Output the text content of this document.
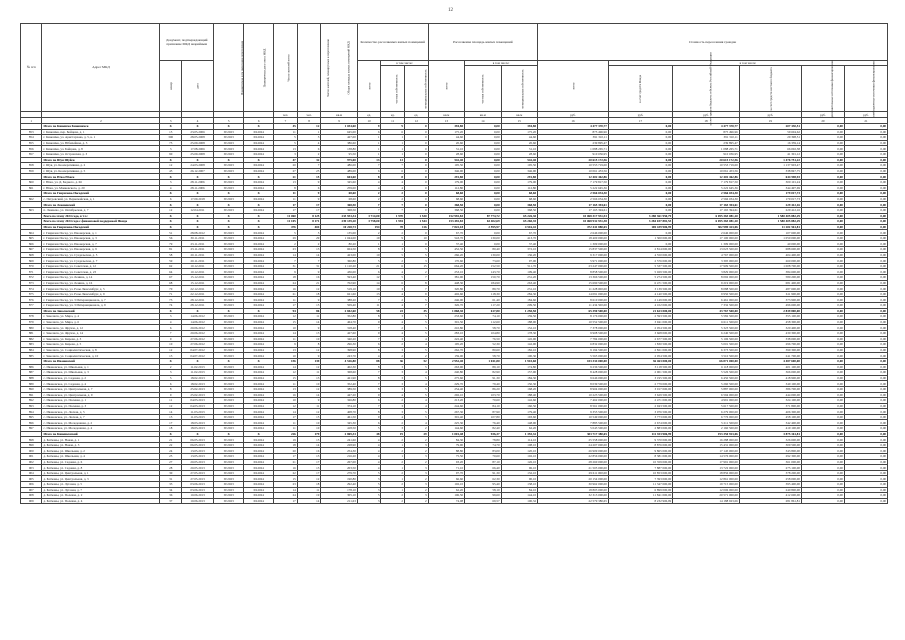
12
№ п/п	Адрес МКД	Документ, подтверждающий признание МКД аварийным		Планируемая дата окончания переселения	Планируемая дата сноса МКД	Число жителей всего	Число жителей, планируемых к переселению	Общая площадь жилых помещений МКД	Количество расселяемых жилых помещений			Расселяемая площадь жилых помещений			Стоимость переселения граждан					
		номер	дата						всего	в том числе:		всего	в том числе:		всего	в том числе:				
										частная собственность	муниципальная собственность		частная собственность	муниципальная собственность		за счет средств Фонда	за счет средств бюджета субъекта Российской Федерации	за счет средств местного бюджета	дополнительные источники финансирования	внебюджетные источники финансирования
						чел.	чел.	кв.м	ед.	ед.	ед.	кв.м	кв.м	кв.м	руб.	руб.	руб.	руб.	руб.	руб.
1	2	3	4	5	6	7	8	9	10	11	12	13	14	15	16	17	18	19	20	21
	Итого по Кинешма Кинешемск	X	X	X	X	45	12	1 034,60	9	9	0	394,80	0,00	394,80	4 477 370,77	0,00	4 477 370,77	207 330,51	0,00	0,00
853	г. Кинешма, пер. Бойцова, д. 1	15	23.05.2006	IV.2023	III.2024	11	1	645,00	6	6	0	175,20	0,00	175,20	875 496,96	0,00	875 496,96	59 604,62	0,00	0,00
854	г. Кинешма, ул. Аристархова, д. 5, к. 1	300	28.05.2008	IV.2023	III.2024	5	3	427,00	1	1	0	44,60	0,00	44,60	391 310,11	0,00	391 310,11	29 398,51	0,00	0,00
855	г. Кинешма, ул. Юбилейная, д. 3	75	25.09.2008	IV.2023	III.2024	5	4	386,60	1	1	0	20,60	0,00	20,60	239 895,47	0,00	239 895,47	16 339,14	0,00	0,00
856	г. Кинешма, ул. Бойцова, д. 8	3	17.08.2006	IV.2023	III.2024	13	6	138,80	1	1	0	31,10	0,00	31,10	1 088 265,71	0,00	1 088 265,71	66 002,38	0,00	0,00
857	г. Кинешма, ул. Островская, д. 3	90	25.09.2008	IV.2023	III.2024	3	2	95,50	1	1	0	28,60	0,00	28,60	910 036,95	0,00	910 036,95	41 301,12	0,00	0,00
	Итого по Шуя Шуйск	X	X	X	X	47	32	975,00	13	13	0	542,40	0,00	542,40	20 615 172,56	0,00	20 615 172,56	1 476 751,22	0,00	0,00
858	г. Шуя, ул. Кооперативная, д. 2	12	24.03.2008	IV.2023	III.2024	20	7	486,00	7	7	0	195,50	0,00	195,50	10 553 719,00	0,00	10 553 719,00	1 137 903,47	0,00	0,00
859	г. Шуя, ул. Кооперативная, д. 5	45	26.12.2007	IV.2023	III.2024	27	25	489,00	6	6	0	346,90	0,00	346,90	10 061 453,56	0,00	10 061 453,56	338 847,75	0,00	0,00
	Итого по Южа Южск	X	X	X	X	21	15	604,60	8	8	0	291,80	0,00	291,80	12 402 462,86	0,00	12 402 462,86	644 598,93	0,00	0,00
860	г. Южа, ул. Д. Бедного, д. 66	3	28.11.2006	IV.2023	III.2024	13	9	345,60	4	4	0	179,00	0,00	179,00	7 179 817,50	0,00	7 179 817,50	300 101,24	0,00	0,00
861	г. Южа, ул. Маяковского, д. 20	4	28.11.2006	IV.2023	III.2024	8	6	259,00	4	4	0	112,80	0,00	112,80	5 222 645,36	0,00	5 222 645,36	344 497,69	0,00	0,00
	Итого по Гаврилово-Посадский	X	X	X	X	11	9	68,60	2	2	0	68,60	0,00	68,60	2 566 034,30	0,00	2 566 034,30	179 017,73	0,00	0,00
862	с. Петровский, ул. Первомайская, д. 1	6	17.09.2018	IV.2023	III.2024	11	9	68,60	2	2	0	68,60	0,00	68,60	2 566 034,30	0,00	2 566 034,30	179 017,73	0,00	0,00
	Итого по Лежневский	X	X	X	X	17	17	368,50	7	7	0	368,50	0,00	368,50	17 165 394,61	0,00	17 165 394,61	229 412,16	0,00	0,00
863	п. Лежнево, ул. Октябрьская, д. 7	12	12.04.2011	IV.2023	III.2024	17	17	368,50	7	7	0	368,50	0,00	368,50	17 165 394,61	0,00	17 165 394,61	229 412,16	0,00	0,00
	Всего по этапу 2024 года, в т.ч.:	X	X	X	X	11 060	8 125	233 933,34	3 714,00	1 970	1 530	152 992,83	87 774,72	65 226,30	10 068 317 931,53	3 280 361 950,79	6 055 365 081,20	1 580 405 882,29	0,00	0,00
	Всего по этапу 2024 года с финансовой поддержкой Фонда	X	X	X	X	11 105	8 171	239 139,20	3 758,00	1 994	1 544	153 492,83	63 402,69	65 260,35	10 068 932 931,38	3 284 037 881,55	6 055 365 081,20	1 580 405 882,29	0,00	0,00
	Итого по Гаврилово-Посадский	X	X	X	X	476	404	10 228,73	194	78	116	7 822,18	2 595,97	4 516,42	472 441 880,65	169 439 906,99	302 989 423,06	11 202 561,81	0,00	0,00
864	г. Гаврилов Посад, ул. Пионерская, д. 1	51	28.08.2012	IV.2023	III.2024	5	5	135,00	2	2	0	67,70	0,00	67,70	2 646 000,00	0,00	2 646 000,00	107 600,00	0,00	0,00
865	г. Гаврилов Посад, ул. Пионерская, д. 3	56	30.11.2011	IV.2023	III.2024	29	29	1 044,00	19	9	10	543,70	130,00	413,70	18 400 000,00	1 300 000,00	17 100 000,00	1 050 000,00	0,00	0,00
866	г. Гаврилов Посад, ул. Пионерская, д. 7	79	23.11.2011	IV.2023	III.2024	2	2	80,20	1	1	0	37,40	0,00	37,40	1 309 000,00	0,00	1 309 000,00	40 000,00	0,00	0,00
867	г. Гаврилов Посад, ул. Пионерская, д. 9	81	23.11.2011	IV.2023	III.2024	23	13	604,50	8	3	5	452,50	80,40	372,10	15 837 500,00	2 814 000,00	13 023 500,00	688 600,00	0,00	0,00
868	г. Гаврилов Посад, ул. Суздальская, д. 5	58	20.11.2011	IV.2023	III.2024	14	14	423,00	10	5	5	266,20	130,00	136,20	9 317 000,00	4 550 000,00	4 767 000,00	404 400,00	0,00	0,00
869	г. Гаврилов Посад, ул. Суздальская, д. 7	59	20.11.2011	IV.2023	III.2024	7	7	360,80	5	2	3	170,60	73,60	97,00	5 971 000,00	2 576 000,00	3 395 000,00	260 000,00	0,00	0,00
870	г. Гаврилов Посад, ул. Советская, д. 12	62	10.12.2011	IV.2023	III.2024	31	31	1 110,20	21	6	15	664,20	152,50	511,70	23 247 000,00	5 337 500,00	17 909 500,00	1 008 700,00	0,00	0,00
871	г. Гаврилов Посад, ул. Советская, д. 23	64	10.12.2011	IV.2023	III.2024	9	9	436,00	6	4	2	253,10	143,70	109,40	8 858 500,00	5 029 500,00	3 829 000,00	384 600,00	0,00	0,00
872	г. Гаврилов Посад, ул. Ленина, д. 14	67	15.12.2011	IV.2023	III.2024	18	16	593,40	12	5	7	381,90	150,70	231,20	13 366 500,00	5 274 500,00	8 092 000,00	580 200,00	0,00	0,00
873	г. Гаврилов Посад, ул. Ленина, д. 16	68	15.12.2011	IV.2023	III.2024	24	21	702,90	14	6	8	448,30	184,90	263,40	15 690 500,00	6 471 500,00	9 219 000,00	681 400,00	0,00	0,00
874	г. Гаврилов Посад, ул. Розы Люксембург, д. 5	70	22.12.2011	IV.2023	III.2024	16	12	519,10	10	3	7	320,80	89,70	231,10	11 228 000,00	3 139 500,00	8 088 500,00	487 600,00	0,00	0,00
875	г. Гаврилов Посад, ул. Розы Люксембург, д. 9	71	22.12.2011	IV.2023	III.2024	21	18	621,60	13	4	9	402,60	118,30	284,30	14 091 000,00	4 140 500,00	9 950 500,00	611 900,00	0,00	0,00
876	г. Гаврилов Посад, ул. 3 Интернационала, д. 7	73	28.12.2011	IV.2023	III.2024	11	9	388,20	7	2	5	246,00	61,40	184,60	8 610 000,00	2 149 000,00	6 461 000,00	373 900,00	0,00	0,00
877	г. Гаврилов Посад, ул. 3 Интернационала, д. 9	74	28.12.2011	IV.2023	III.2024	17	15	509,40	11	4	7	326,70	117,20	209,50	11 434 500,00	4 102 000,00	7 332 500,00	496 600,00	0,00	0,00
	Итого по Заволжский	X	X	X	X	94	86	2 842,60	58	23	35	1 868,30	617,80	1 250,50	65 390 500,00	21 623 000,00	43 767 500,00	2 839 800,00	0,00	0,00
878	г. Заволжск, ул. Мира, д. 4	3	14.06.2012	IV.2023	III.2024	12	11	352,80	8	3	5	233,60	74,10	159,50	8 176 000,00	2 593 500,00	5 582 500,00	355 100,00	0,00	0,00
879	г. Заволжск, ул. Мира, д. 6	4	14.06.2012	IV.2023	III.2024	15	14	464,70	9	4	5	301,50	112,60	188,90	10 552 500,00	3 941 000,00	6 611 500,00	458 300,00	0,00	0,00
880	г. Заволжск, ул. Фрунзе, д. 12	6	20.06.2012	IV.2023	III.2024	10	9	318,40	7	2	5	210,80	58,70	152,10	7 378 000,00	2 054 500,00	5 323 500,00	320 400,00	0,00	0,00
881	г. Заволжск, ул. Фрунзе, д. 14	7	20.06.2012	IV.2023	III.2024	14	13	427,60	9	4	5	283,10	104,80	178,30	9 908 500,00	3 668 000,00	6 240 500,00	430 300,00	0,00	0,00
882	г. Заволжск, ул. Кирова, д. 3	9	27.06.2012	IV.2023	III.2024	11	10	340,20	7	3	4	222,40	76,50	145,90	7 784 000,00	2 677 500,00	5 106 500,00	338 000,00	0,00	0,00
883	г. Заволжск, ул. Кирова, д. 5	10	27.06.2012	IV.2023	III.2024	9	8	296,30	6	2	4	195,20	52,30	142,90	6 832 000,00	1 830 500,00	5 001 500,00	296 700,00	0,00	0,00
884	г. Заволжск, ул. Социалистическая, д. 8	12	04.07.2012	IV.2023	III.2024	13	12	398,90	8	3	5	262,70	80,60	182,10	9 194 500,00	2 821 000,00	6 373 500,00	399 300,00	0,00	0,00
885	г. Заволжск, ул. Социалистическая, д. 10	13	04.07.2012	IV.2023	III.2024	10	9	243,70	4	2	2	159,00	58,70	100,30	5 565 000,00	2 054 500,00	3 510 500,00	241 700,00	0,00	0,00
	Итого по Ивановский	X	X	X	X	156	139	4 516,80	88	36	52	2 952,40	1 041,80	1 910,60	103 334 000,00	36 463 000,00	66 871 000,00	4 487 600,00	0,00	0,00
886	с. Ивановское, ул. Школьная, д. 1	2	11.02.2013	IV.2023	III.2024	14	12	402,30	8	3	5	263,90	89,10	174,80	9 236 500,00	3 118 500,00	6 118 000,00	401 100,00	0,00	0,00
887	с. Ивановское, ул. Школьная, д. 3	3	11.02.2013	IV.2023	III.2024	12	11	368,60	7	3	4	240,80	82,90	157,90	8 428 000,00	2 901 500,00	5 526 500,00	366 000,00	0,00	0,00
888	с. Ивановское, ул. Садовая, д. 2	5	18.02.2013	IV.2023	III.2024	15	13	421,90	8	3	5	275,60	91,30	184,30	9 646 000,00	3 195 500,00	6 450 500,00	418 900,00	0,00	0,00
889	с. Ивановское, ул. Садовая, д. 4	6	18.02.2013	IV.2023	III.2024	11	10	352,40	7	3	4	229,70	79,40	150,30	8 039 500,00	2 779 000,00	5 260 500,00	349 100,00	0,00	0,00
890	с. Ивановское, ул. Центральная, д. 7	8	25.02.2013	IV.2023	III.2024	13	12	389,50	8	3	5	254,40	86,20	168,20	8 904 000,00	3 017 000,00	5 887 000,00	386 700,00	0,00	0,00
891	с. Ивановское, ул. Центральная, д. 9	9	25.02.2013	IV.2023	III.2024	16	14	447,20	9	4	5	292,10	103,70	188,40	10 223 500,00	3 629 500,00	6 594 000,00	444 000,00	0,00	0,00
892	с. Ивановское, ул. Полевая, д. 1	11	04.03.2013	IV.2023	III.2024	10	9	326,80	6	2	4	213,20	70,60	142,60	7 462 000,00	2 471 000,00	4 991 000,00	324 100,00	0,00	0,00
893	с. Ивановское, ул. Полевая, д. 3	12	04.03.2013	IV.2023	III.2024	12	11	374,10	7	3	4	244,60	84,10	160,50	8 561 000,00	2 943 500,00	5 617 500,00	371 800,00	0,00	0,00
894	с. Ивановское, ул. Лесная, д. 5	14	11.03.2013	IV.2023	III.2024	14	12	408,70	8	3	5	267,30	87,90	179,40	9 355 500,00	3 076 500,00	6 279 000,00	406 300,00	0,00	0,00
895	с. Ивановское, ул. Лесная, д. 7	15	11.03.2013	IV.2023	III.2024	17	15	461,50	9	4	5	301,40	107,80	193,60	10 549 000,00	3 773 000,00	6 776 000,00	458 100,00	0,00	0,00
896	с. Ивановское, ул. Молодежная, д. 2	17	18.03.2013	IV.2023	III.2024	11	10	345,30	6	2	4	225,30	76,40	148,90	7 885 500,00	2 674 000,00	5 211 500,00	342 400,00	0,00	0,00
897	с. Ивановское, ул. Молодежная, д. 4	18	18.03.2013	IV.2023	III.2024	11	10	418,50	5	3	2	144,60	82,40	62,20	5 043 500,00	2 883 000,00	2 160 500,00	419 100,00	0,00	0,00
	Итого по Кинешемский	X	X	X	X	226	179	2 869,33	48	19	29	1 001,48	936,37	1 355,32	303 717 380,65	111 353 906,99	193 350 923,06	3 875 161,81	0,00	0,00
898	д. Батманы, ул. Новая, д. 1	21	06.05.2013	IV.2023	III.2024	19	15	241,60	4	2	2	84,30	78,80	114,10	25 558 000,00	9 370 000,00	16 288 000,00	326 600,00	0,00	0,00
899	д. Батманы, ул. Новая, д. 3	22	06.05.2013	IV.2023	III.2024	18	14	228,90	4	1	3	79,90	74,70	108,10	24 207 000,00	8 876 000,00	15 431 000,00	309 500,00	0,00	0,00
900	д. Батманы, ул. Школьная, д. 2	24	13.05.2013	IV.2023	III.2024	20	16	254,30	4	2	2	88,80	83,00	120,10	26 909 000,00	9 865 000,00	17 145 000,00	343 800,00	0,00	0,00
901	д. Батманы, ул. Школьная, д. 4	25	13.05.2013	IV.2023	III.2024	17	13	216,20	4	1	3	75,50	70,60	102,10	22 856 000,00	8 381 000,00	14 576 000,00	292 300,00	0,00	0,00
902	д. Батманы, ул. Садовая, д. 6	27	20.05.2013	IV.2023	III.2024	21	17	267,00	4	2	2	93,20	87,10	126,10	28 260 000,00	10 359 000,00	17 991 000,00	361 000,00	0,00	0,00
903	д. Батманы, ул. Садовая, д. 8	28	20.05.2013	IV.2023	III.2024	16	13	203,50	4	1	3	71,10	66,40	96,10	21 505 000,00	7 887 000,00	13 722 000,00	275 100,00	0,00	0,00
904	д. Батманы, ул. Центральная, д. 1	30	27.05.2013	IV.2023	III.2024	22	17	279,70	5	2	3	97,70	91,30	132,10	29 611 000,00	10 853 000,00	18 856 000,00	378 200,00	0,00	0,00
905	д. Батманы, ул. Центральная, д. 3	31	27.05.2013	IV.2023	III.2024	15	12	190,80	3	1	2	66,60	62,30	90,10	20 154 000,00	7 393 000,00	12 861 000,00	258 000,00	0,00	0,00
906	д. Батманы, ул. Луговая, д. 5	33	03.06.2013	IV.2023	III.2024	23	18	292,40	5	2	3	102,10	95,40	138,10	30 962 000,00	11 347 000,00	19 715 000,00	395 400,00	0,00	0,00
907	д. Батманы, ул. Луговая, д. 7	34	03.06.2013	IV.2023	III.2024	14	11	178,10	3	1	2	62,20	58,10	84,10	18 803 000,00	6 899 000,00	12 006 000,00	240 800,00	0,00	0,00
908	д. Батманы, ул. Полевая, д. 2	36	10.06.2013	IV.2023	III.2024	24	19	305,10	5	2	3	106,50	99,60	144,10	32 313 000,00	11 841 000,00	20 571 000,00	412 600,00	0,00	0,00
909	д. Батманы, ул. Полевая, д. 4	37	10.06.2013	IV.2023	III.2024	17	14	211,63	3	2	2	74,08	69,57	100,32	22 579 380,65	8 232 906,99	14 188 923,06	281 861,81	0,00	0,00
